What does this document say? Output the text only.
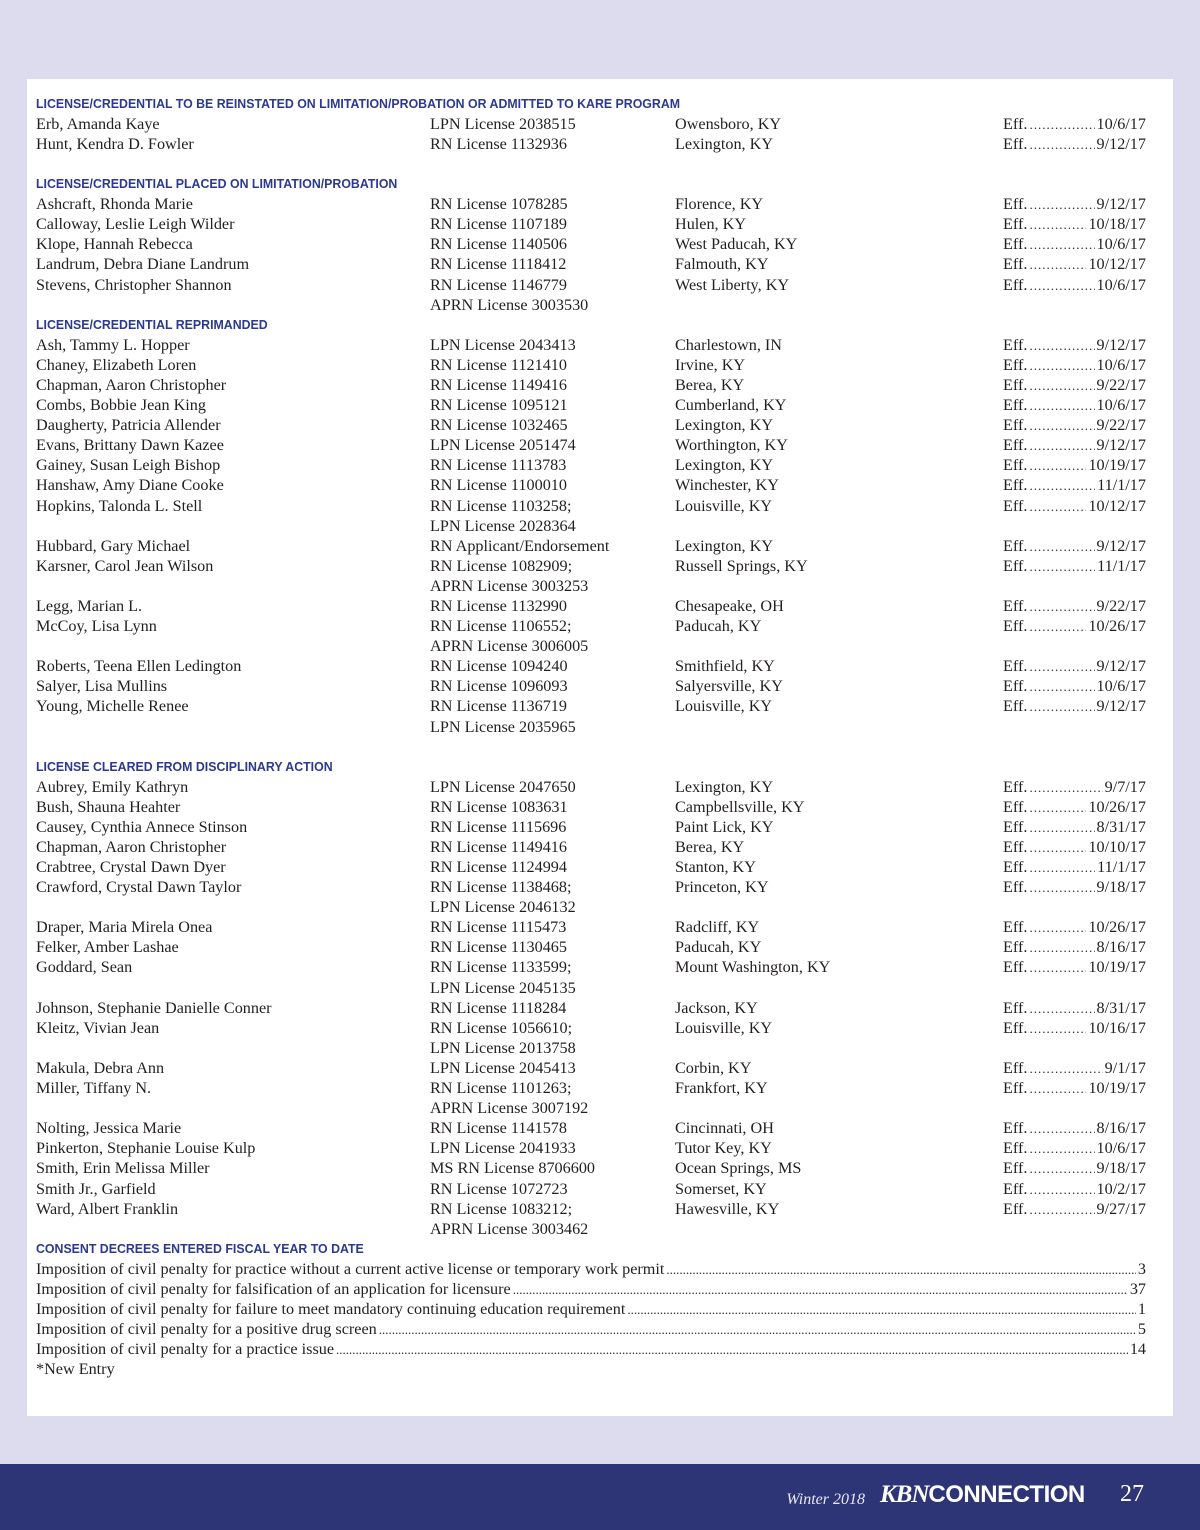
LICENSE/CREDENTIAL TO BE REINSTATED ON LIMITATION/PROBATION OR ADMITTED TO KARE PROGRAM
Erb, Amanda Kaye	LPN License 2038515	Owensboro, KY	Eff. .....	10/6/17
Hunt, Kendra D. Fowler	RN License 1132936	Lexington, KY	Eff. .....	9/12/17
LICENSE/CREDENTIAL PLACED ON LIMITATION/PROBATION
Ashcraft, Rhonda Marie	RN License 1078285	Florence, KY	Eff. .....	9/12/17
Calloway, Leslie Leigh Wilder	RN License 1107189	Hulen, KY	Eff. .....	10/18/17
Klope, Hannah Rebecca	RN License 1140506	West Paducah, KY	Eff. .....	10/6/17
Landrum, Debra Diane Landrum	RN License 1118412	Falmouth, KY	Eff. .....	10/12/17
Stevens, Christopher Shannon	RN License 1146779	West Liberty, KY	Eff. .....	10/6/17
APRN License 3003530
LICENSE/CREDENTIAL REPRIMANDED
Ash, Tammy L. Hopper	LPN License 2043413	Charlestown, IN	Eff. .....	9/12/17
Chaney, Elizabeth Loren	RN License 1121410	Irvine, KY	Eff. .....	10/6/17
Chapman, Aaron Christopher	RN License 1149416	Berea, KY	Eff. .....	9/22/17
Combs, Bobbie Jean King	RN License 1095121	Cumberland, KY	Eff. .....	10/6/17
Daugherty, Patricia Allender	RN License 1032465	Lexington, KY	Eff. .....	9/22/17
Evans, Brittany Dawn Kazee	LPN License 2051474	Worthington, KY	Eff. .....	9/12/17
Gainey, Susan Leigh Bishop	RN License 1113783	Lexington, KY	Eff. .....	10/19/17
Hanshaw, Amy Diane Cooke	RN License 1100010	Winchester, KY	Eff. .....	11/1/17
Hopkins, Talonda L. Stell	RN License 1103258;	Louisville, KY	Eff. .....	10/12/17
LPN License 2028364
Hubbard, Gary Michael	RN Applicant/Endorsement	Lexington, KY	Eff. .....	9/12/17
Karsner, Carol Jean Wilson	RN License 1082909;	Russell Springs, KY	Eff. .....	11/1/17
APRN License 3003253
Legg, Marian L.	RN License 1132990	Chesapeake, OH	Eff. .....	9/22/17
McCoy, Lisa Lynn	RN License 1106552;	Paducah, KY	Eff. .....	10/26/17
APRN License 3006005
Roberts, Teena Ellen Ledington	RN License 1094240	Smithfield, KY	Eff. .....	9/12/17
Salyer, Lisa Mullins	RN License 1096093	Salyersville, KY	Eff. .....	10/6/17
Young, Michelle Renee	RN License 1136719	Louisville, KY	Eff. .....	9/12/17
LPN License 2035965
LICENSE CLEARED FROM DISCIPLINARY ACTION
Aubrey, Emily Kathryn	LPN License 2047650	Lexington, KY	Eff. .....	9/7/17
Bush, Shauna Heahter	RN License 1083631	Campbellsville, KY	Eff. .....	10/26/17
Causey, Cynthia Annece Stinson	RN License 1115696	Paint Lick, KY	Eff. .....	8/31/17
Chapman, Aaron Christopher	RN License 1149416	Berea, KY	Eff. .....	10/10/17
Crabtree, Crystal Dawn Dyer	RN License 1124994	Stanton, KY	Eff. .....	11/1/17
Crawford, Crystal Dawn Taylor	RN License 1138468;	Princeton, KY	Eff. .....	9/18/17
LPN License 2046132
Draper, Maria Mirela Onea	RN License 1115473	Radcliff, KY	Eff. .....	10/26/17
Felker, Amber Lashae	RN License 1130465	Paducah, KY	Eff. .....	8/16/17
Goddard, Sean	RN License 1133599;	Mount Washington, KY	Eff. .....	10/19/17
LPN License 2045135
Johnson, Stephanie Danielle Conner	RN License 1118284	Jackson, KY	Eff. .....	8/31/17
Kleitz, Vivian Jean	RN License 1056610;	Louisville, KY	Eff. .....	10/16/17
LPN License 2013758
Makula, Debra Ann	LPN License 2045413	Corbin, KY	Eff. .....	9/1/17
Miller, Tiffany N.	RN License 1101263;	Frankfort, KY	Eff. .....	10/19/17
APRN License 3007192
Nolting, Jessica Marie	RN License 1141578	Cincinnati, OH	Eff. .....	8/16/17
Pinkerton, Stephanie Louise Kulp	LPN License 2041933	Tutor Key, KY	Eff. .....	10/6/17
Smith, Erin Melissa Miller	MS RN License 8706600	Ocean Springs, MS	Eff. .....	9/18/17
Smith Jr., Garfield	RN License 1072723	Somerset, KY	Eff. .....	10/2/17
Ward, Albert Franklin	RN License 1083212;	Hawesville, KY	Eff. .....	9/27/17
APRN License 3003462
CONSENT DECREES ENTERED FISCAL YEAR TO DATE
Imposition of civil penalty for practice without a current active license or temporary work permit .....	3
Imposition of civil penalty for falsification of an application for licensure .....	37
Imposition of civil penalty for failure to meet mandatory continuing education requirement .....	1
Imposition of civil penalty for a positive drug screen .....	5
Imposition of civil penalty for a practice issue .....	14
*New Entry
Winter 2018 KBNCONNECTION 27
